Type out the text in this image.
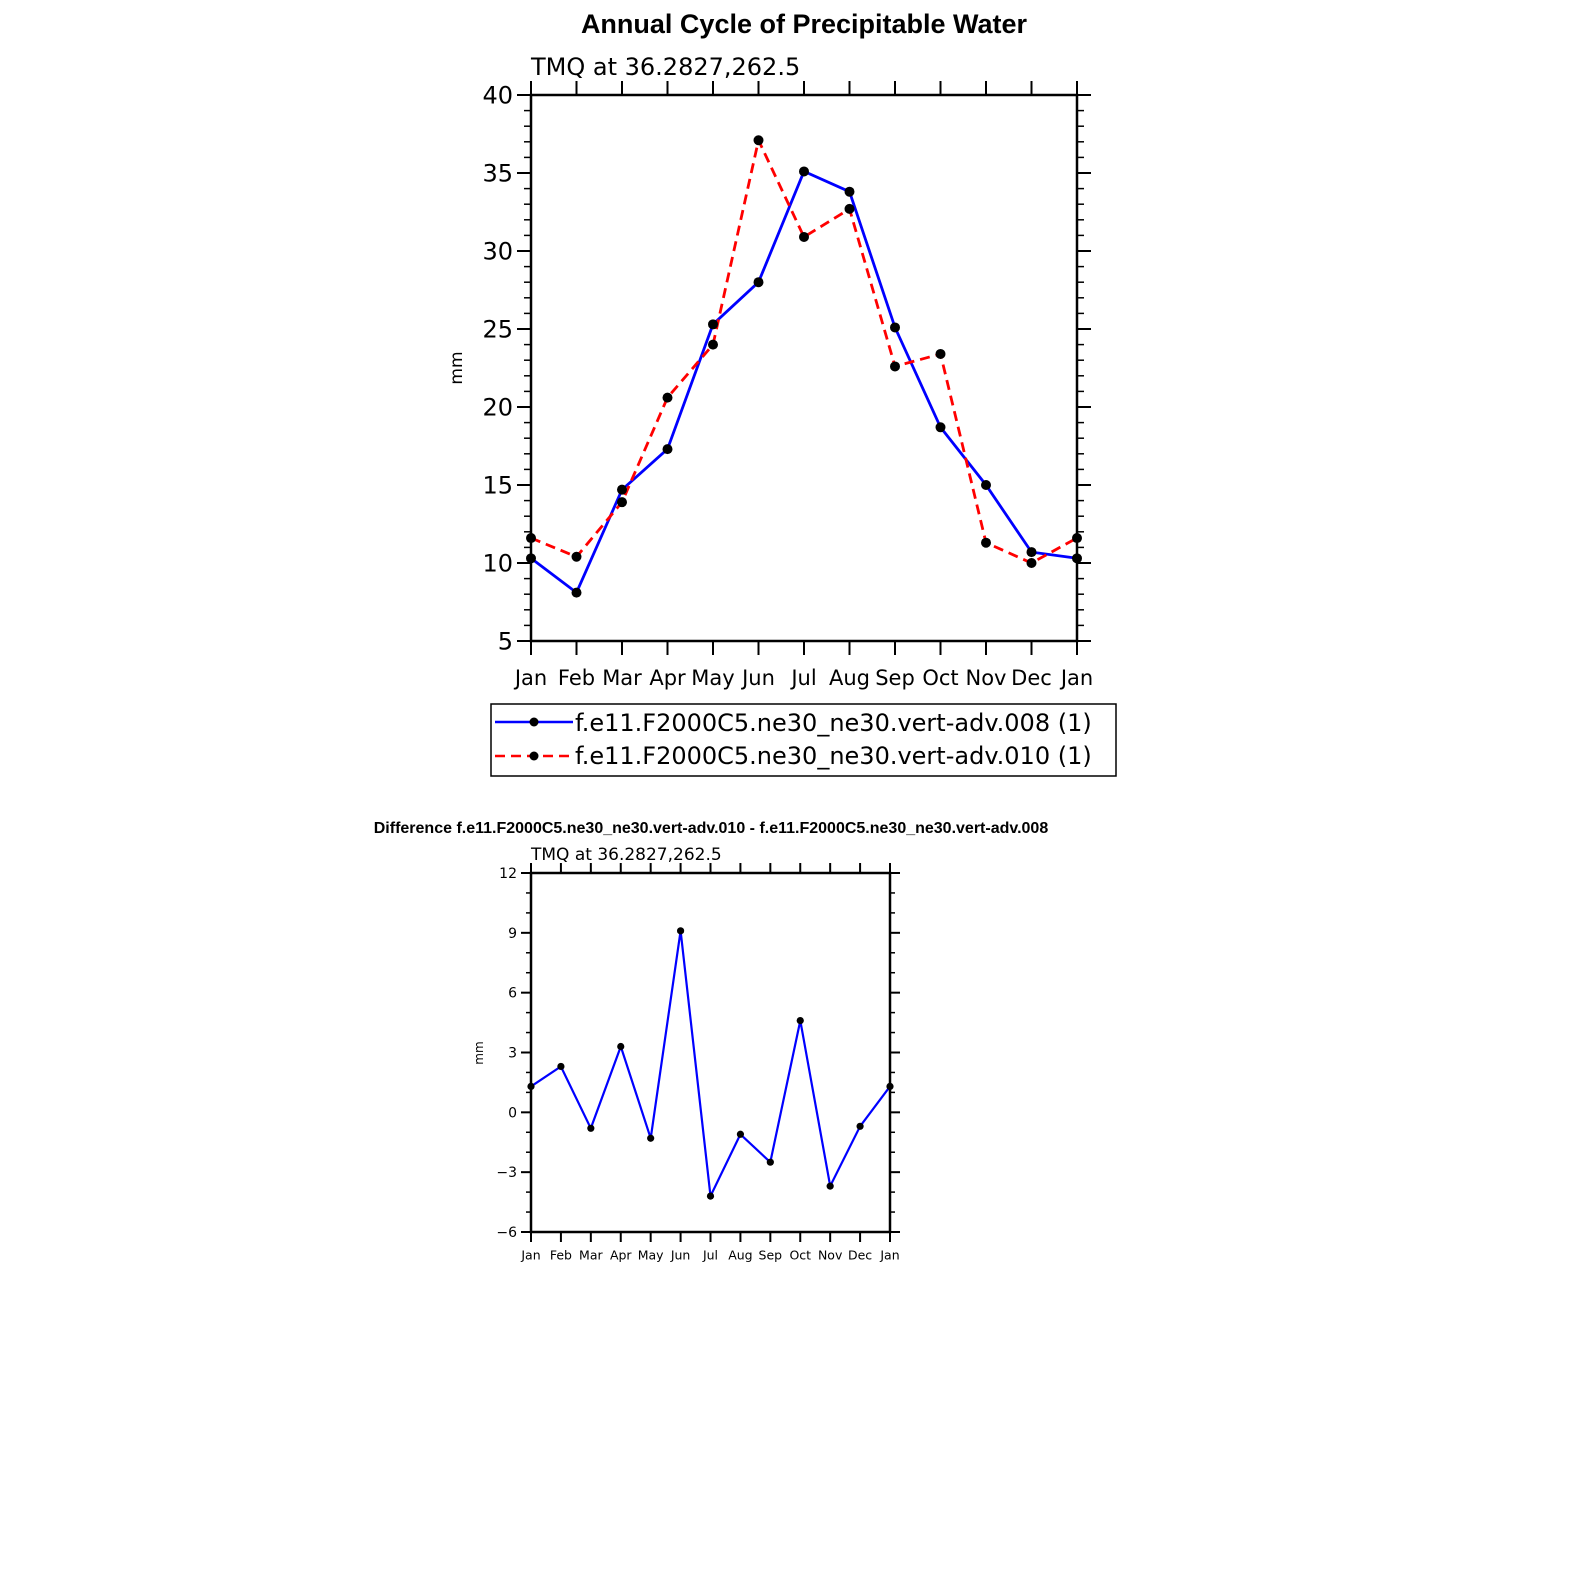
Annual Cycle of Precipitable Water
TMQ at 36.2827,262.5
mm
5
10
15
20
25
30
35
40
Jan Feb Mar Apr May Jun Jul Aug Sep Oct Nov Dec Jan
f.e11.F2000C5.ne30_ne30.vert-adv.008 (1)
f.e11.F2000C5.ne30_ne30.vert-adv.010 (1)
Difference f.e11.F2000C5.ne30_ne30.vert-adv.010 - f.e11.F2000C5.ne30_ne30.vert-adv.008
TMQ at 36.2827,262.5
mm
−6
−3
0
3
6
9
12
Jan Feb Mar Apr May Jun Jul Aug Sep Oct Nov Dec Jan
